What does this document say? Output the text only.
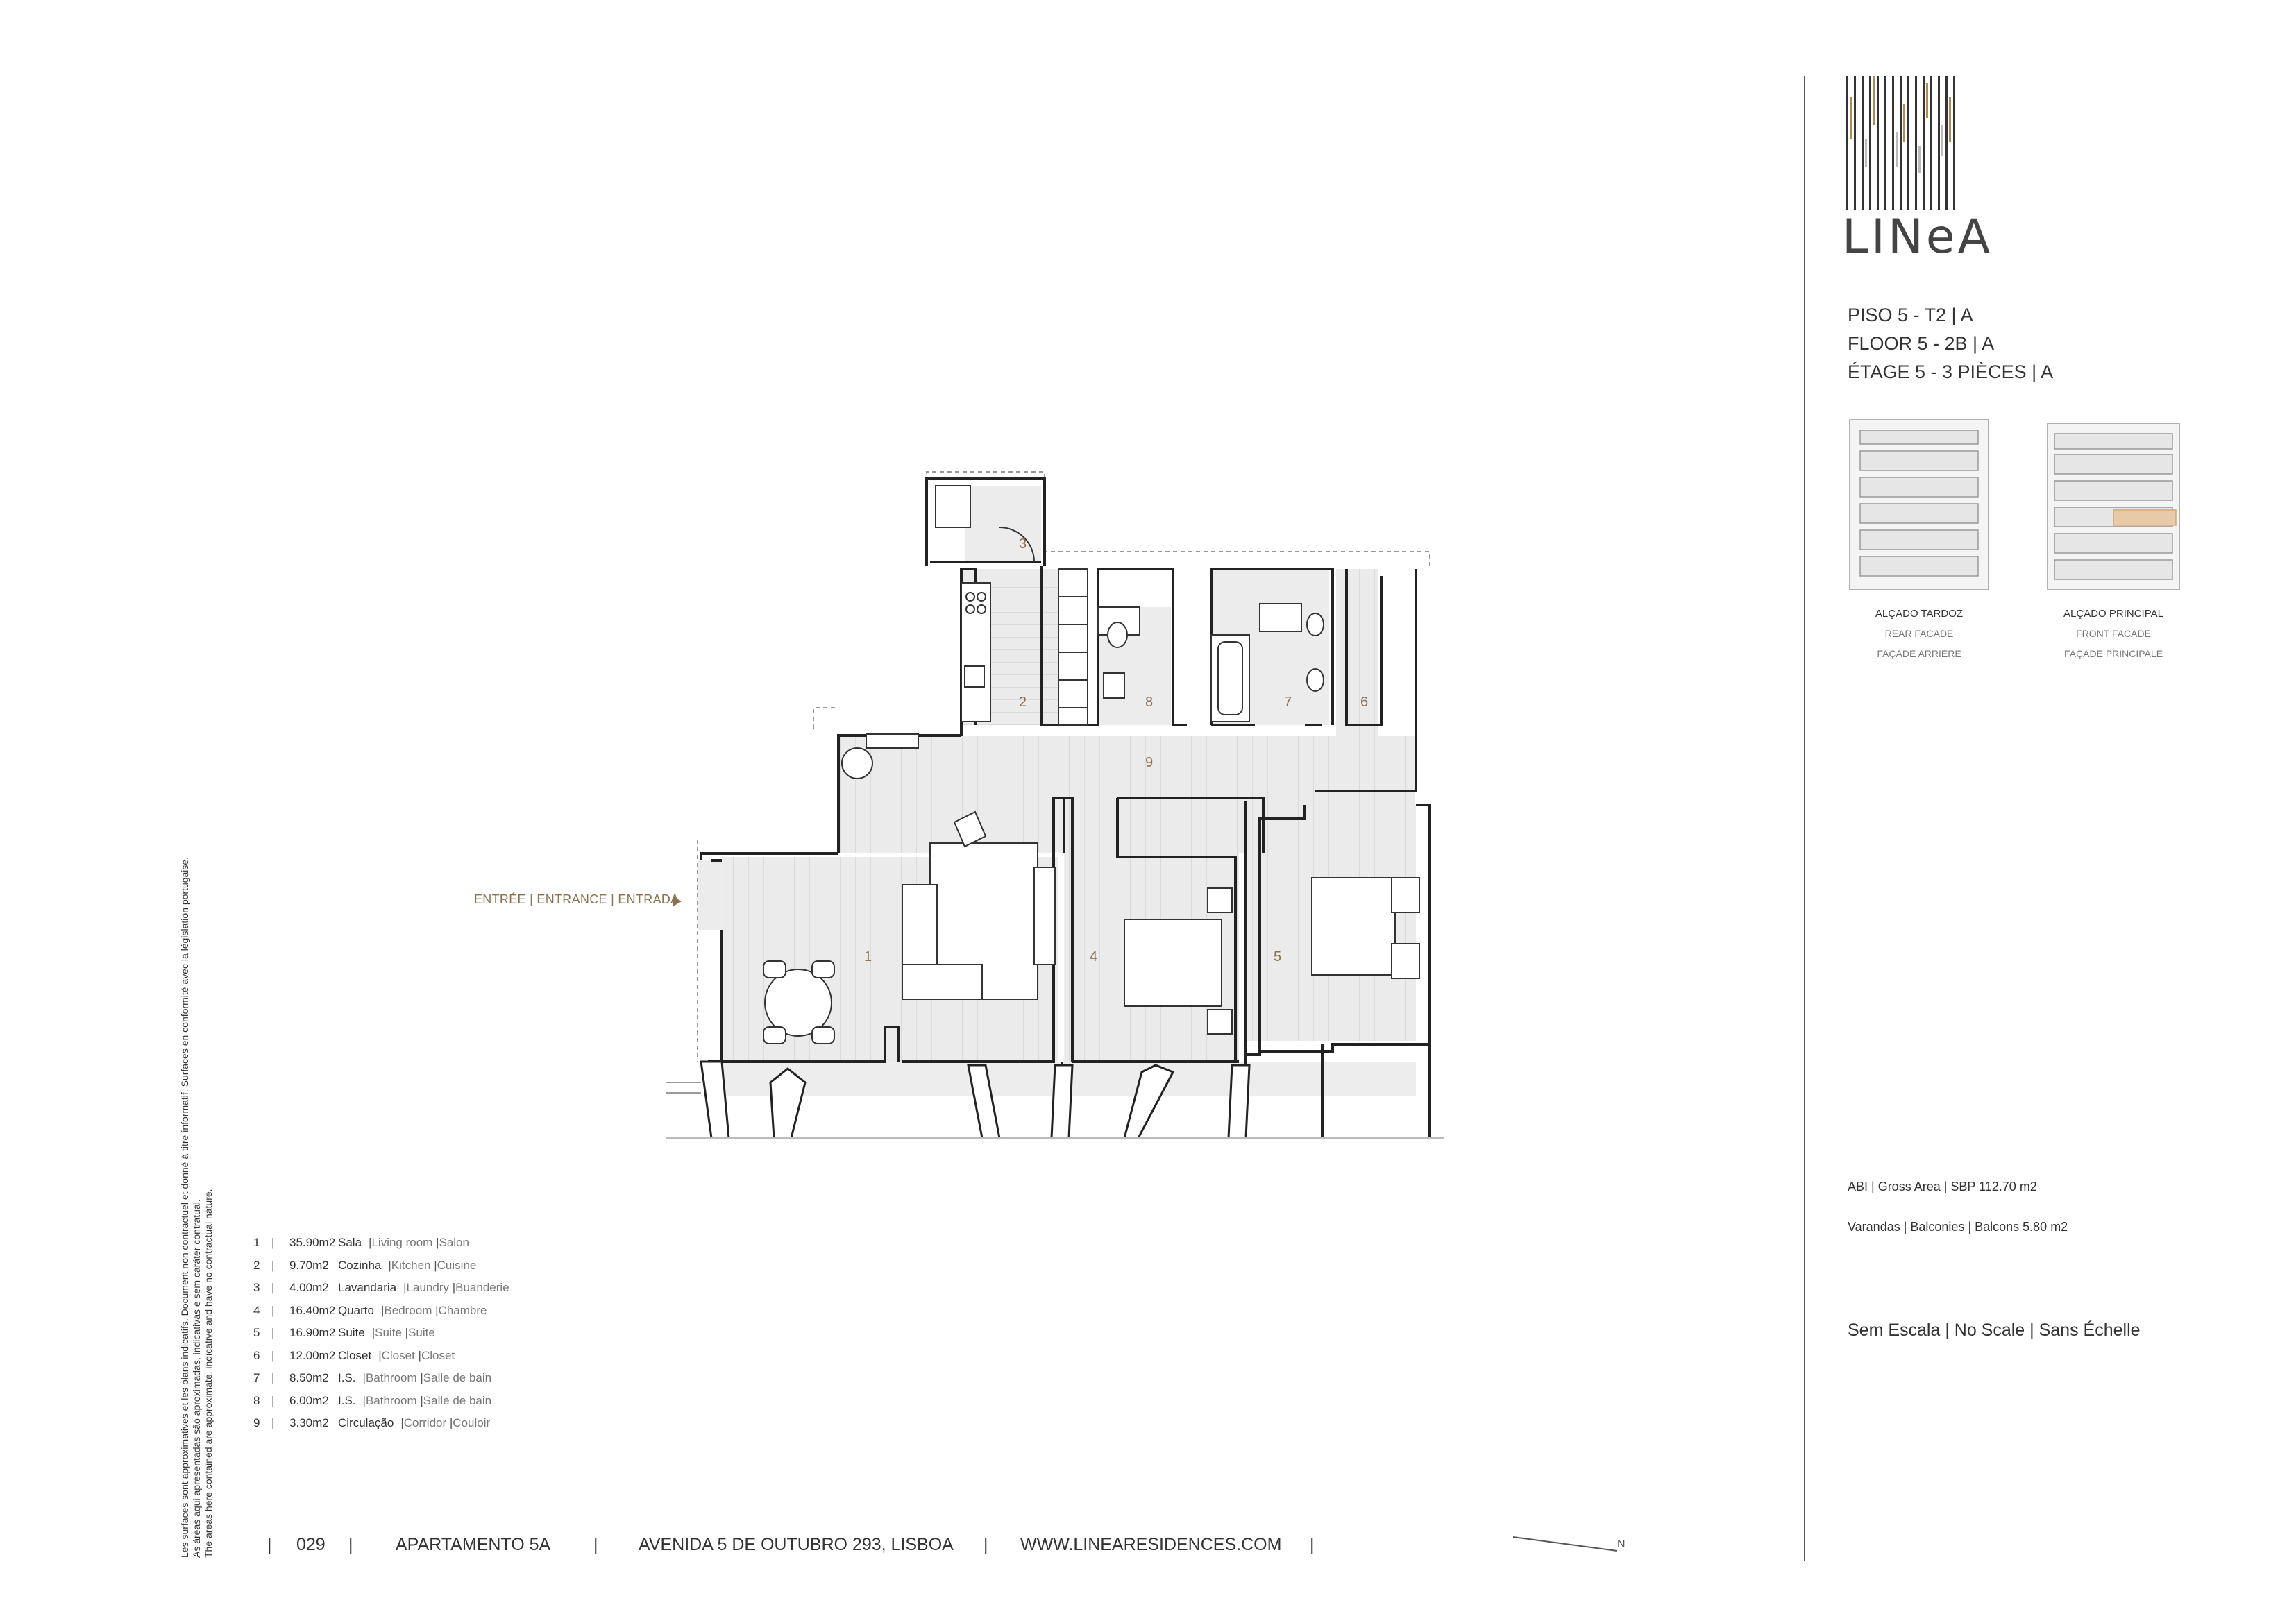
Les surfaces sont approximatives et les plans indicatifs. Document non contractuel et donné à titre informatif. Surfaces en conformité avec la législation portugaise. As áreas aqui apresentadas são aproximadas, indicativas e sem caráter contratual. The areas here contained are approximate, indicative and have no contractual nature.
1
2
3
4	5
6
7
8
9
N
ENTRÉE | ENTRANCE | ENTRADA
1 |	35.90m2 Sala |Living room |Salon
2 |	9.70m2 Cozinha |Kitchen |Cuisine
3 |	4.00m2 Lavandaria |Laundry |Buanderie
4 |	16.40m2 Quarto |Bedroom |Chambre
5 |	16.90m2 Suite |Suite |Suite
6 |	12.00m2 Closet |Closet |Closet
7 |	8.50m2 I.S. |Bathroom |Salle de bain
8 |	6.00m2 I.S. |Bathroom |Salle de bain
9 |	3.30m2 Circulação |Corridor |Couloir
| 029 | APARTAMENTO 5A | AVENIDA 5 DE OUTUBRO 293, LISBOA | WWW.LINEARESIDENCES.COM |
LINeA
PISO 5 - T2 | A
FLOOR 5 - 2B | A
ÉTAGE 5 - 3 PIÈCES | A
ALÇADO TARDOZ
REAR FACADE
FAÇADE ARRIÈRE
ALÇADO PRINCIPAL
FRONT FACADE
FAÇADE PRINCIPALE
ABI | Gross Area | SBP 112.70 m2
Varandas | Balconies | Balcons 5.80 m2
Sem Escala | No Scale | Sans Échelle
